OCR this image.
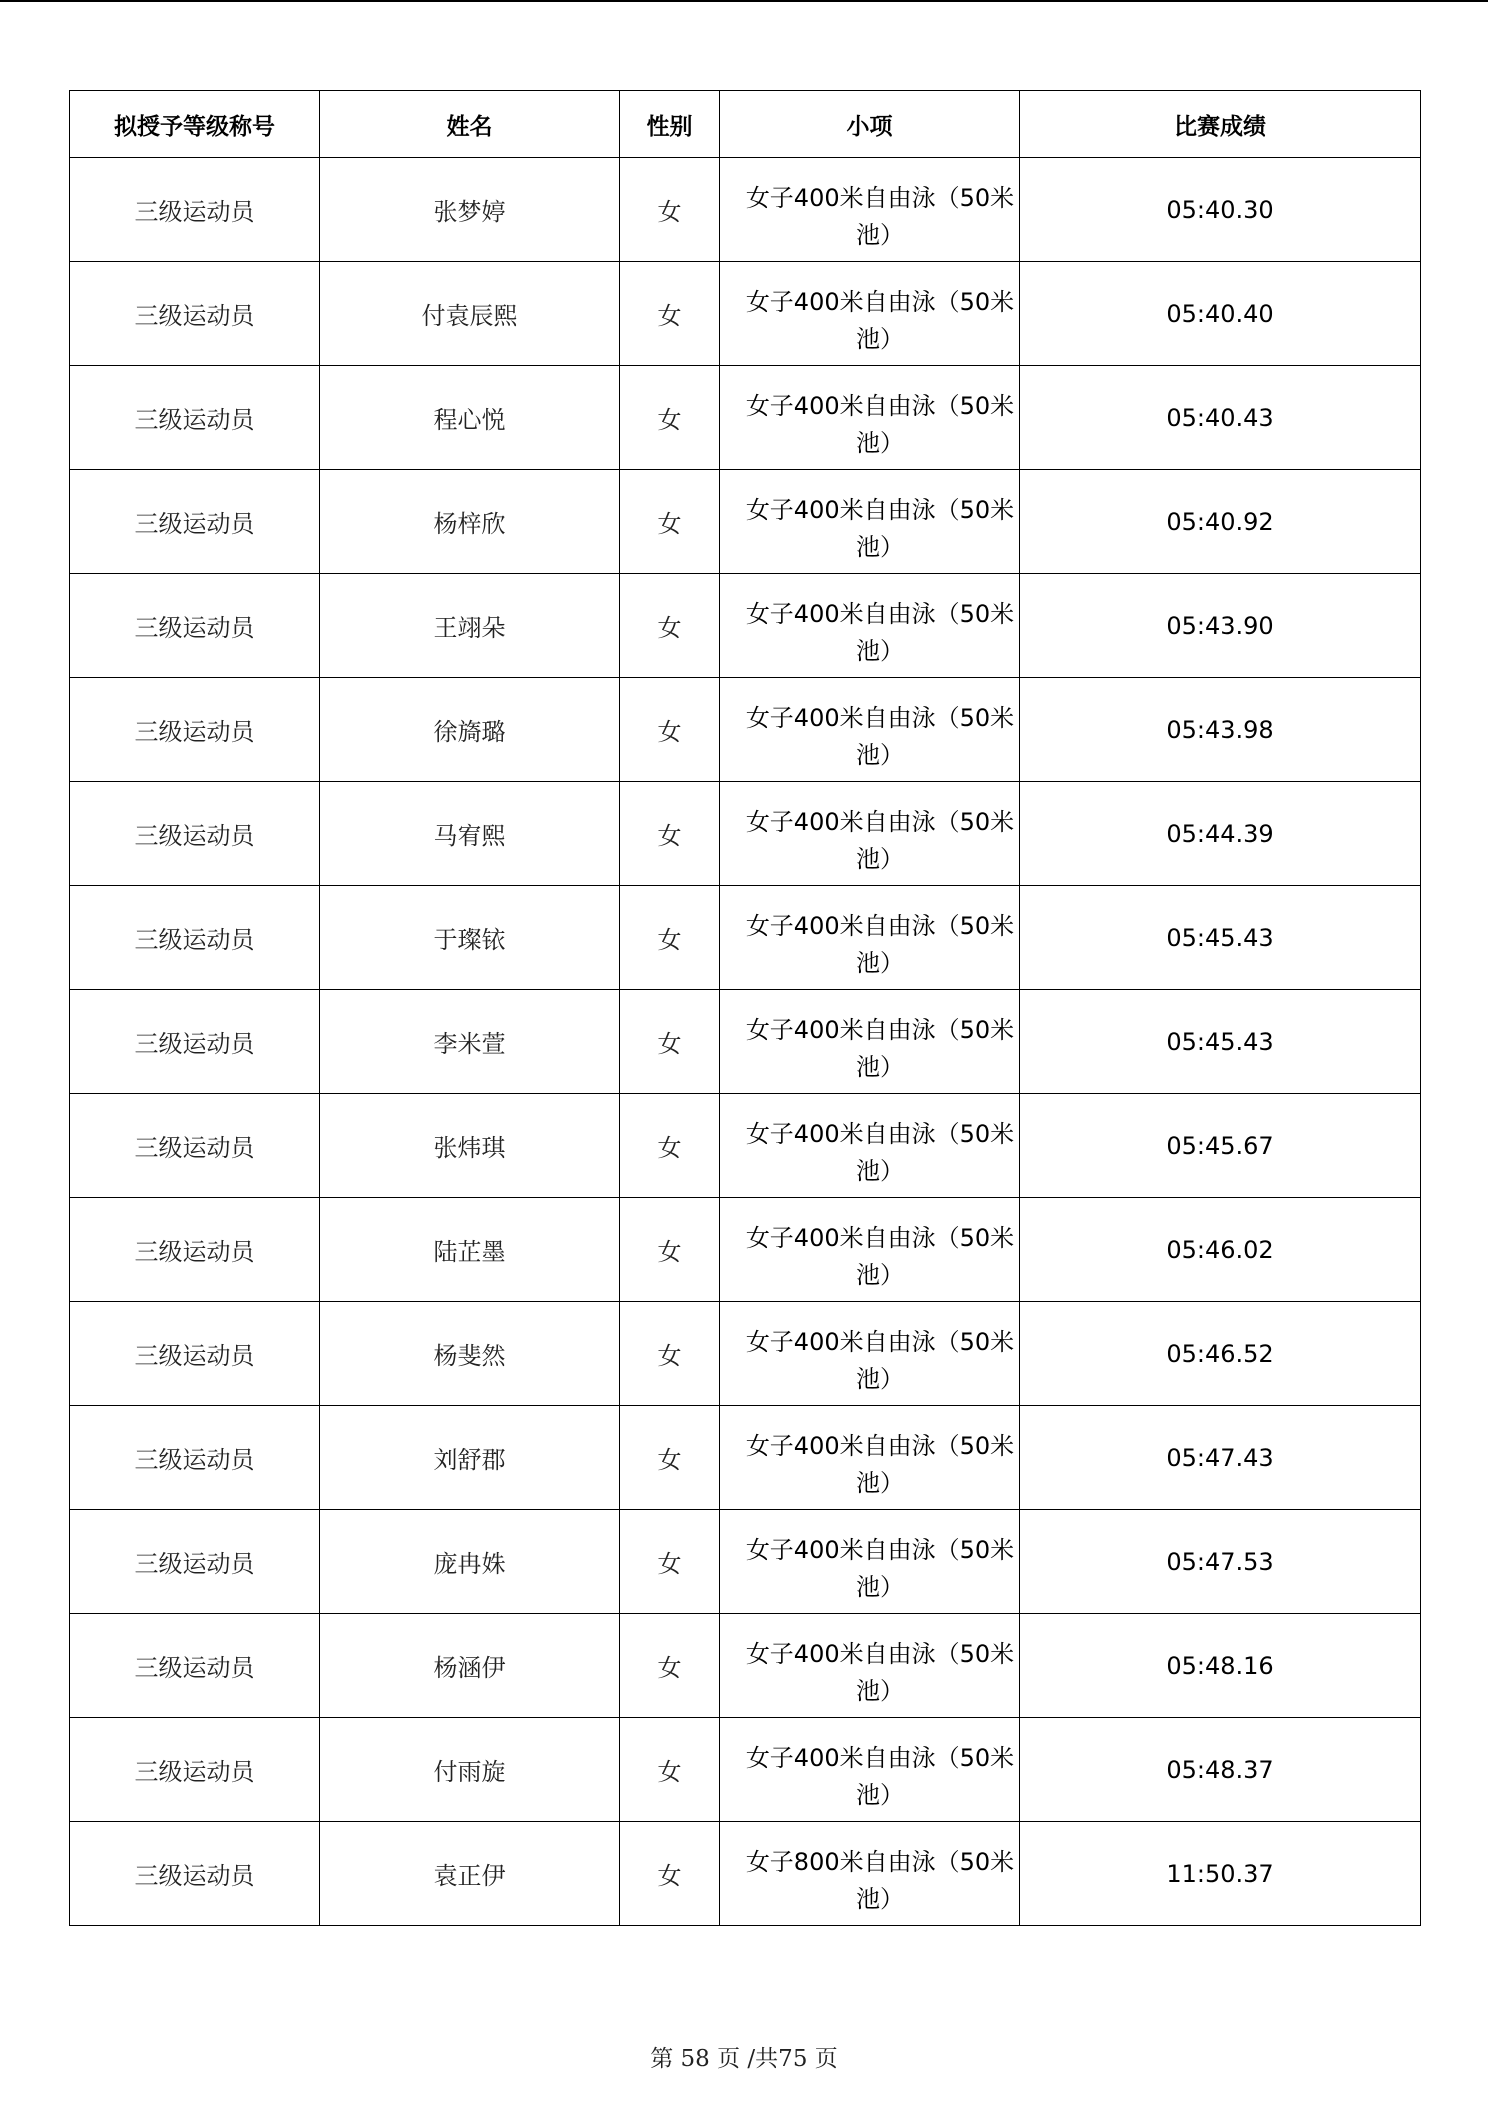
拟授予等级称号	姓名	性别	小项	比赛成绩
三级运动员	张梦婷	女	女子400米自由泳（50米池）	05:40.30
三级运动员	付袁辰熙	女	女子400米自由泳（50米池）	05:40.40
三级运动员	程心悦	女	女子400米自由泳（50米池）	05:40.43
三级运动员	杨梓欣	女	女子400米自由泳（50米池）	05:40.92
三级运动员	王翊朵	女	女子400米自由泳（50米池）	05:43.90
三级运动员	徐旖璐	女	女子400米自由泳（50米池）	05:43.98
三级运动员	马宥熙	女	女子400米自由泳（50米池）	05:44.39
三级运动员	于璨铱	女	女子400米自由泳（50米池）	05:45.43
三级运动员	李米萱	女	女子400米自由泳（50米池）	05:45.43
三级运动员	张炜琪	女	女子400米自由泳（50米池）	05:45.67
三级运动员	陆芷墨	女	女子400米自由泳（50米池）	05:46.02
三级运动员	杨斐然	女	女子400米自由泳（50米池）	05:46.52
三级运动员	刘舒郡	女	女子400米自由泳（50米池）	05:47.43
三级运动员	庞冉姝	女	女子400米自由泳（50米池）	05:47.53
三级运动员	杨涵伊	女	女子400米自由泳（50米池）	05:48.16
三级运动员	付雨旋	女	女子400米自由泳（50米池）	05:48.37
三级运动员	袁正伊	女	女子800米自由泳（50米池）	11:50.37
第 58 页 /共75 页
